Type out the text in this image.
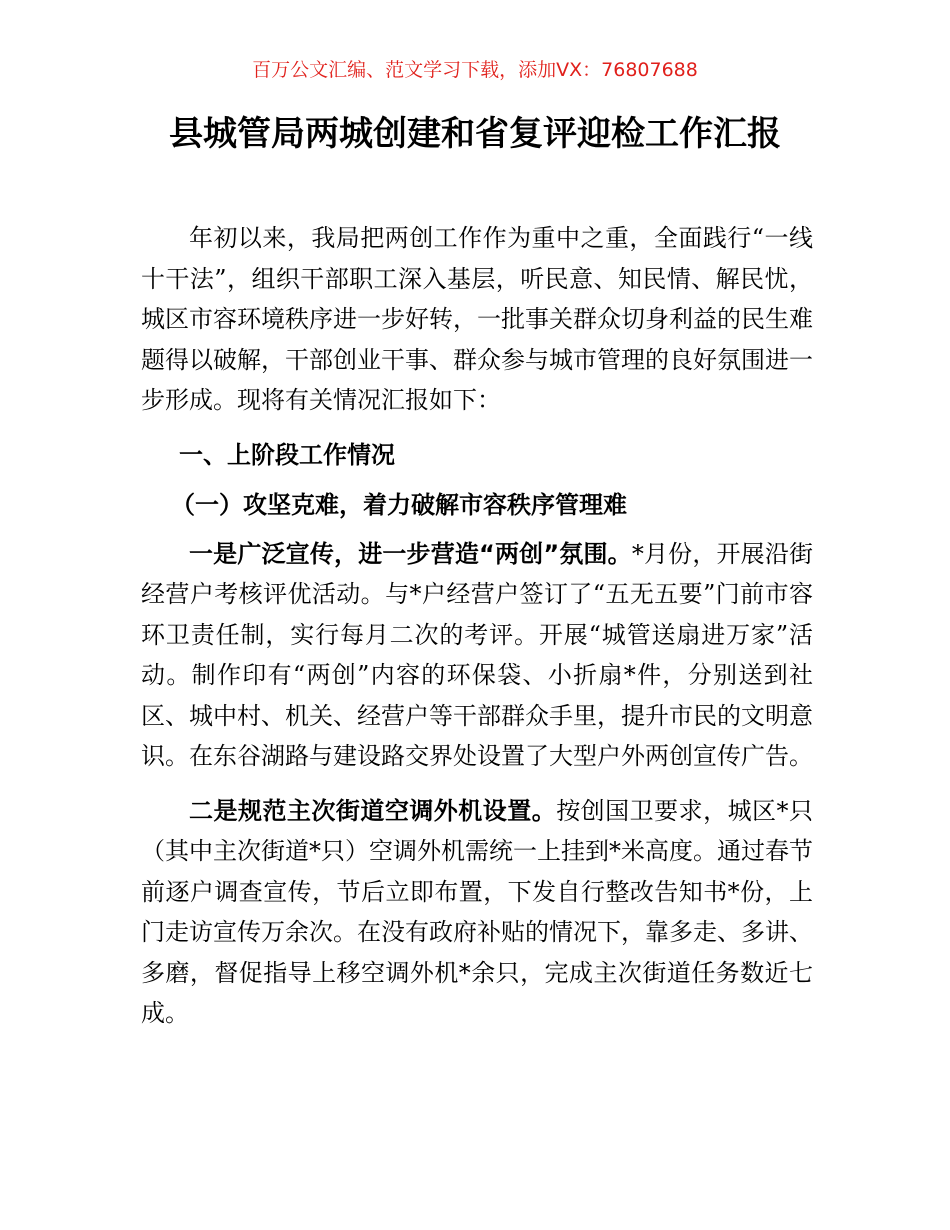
百万公文汇编、范文学习下载，添加VX：76807688
县城管局两城创建和省复评迎检工作汇报

年初以来，我局把两创工作作为重中之重，全面践行“一线十干法”，组织干部职工深入基层，听民意、知民情、解民忧，城区市容环境秩序进一步好转，一批事关群众切身利益的民生难题得以破解，干部创业干事、群众参与城市管理的良好氛围进一步形成。现将有关情况汇报如下：

一、上阶段工作情况

（一）攻坚克难，着力破解市容秩序管理难

一是广泛宣传，进一步营造“两创”氛围。*月份，开展沿街经营户考核评优活动。与*户经营户签订了“五无五要”门前市容环卫责任制，实行每月二次的考评。开展“城管送扇进万家”活动。制作印有“两创”内容的环保袋、小折扇*件，分别送到社区、城中村、机关、经营户等干部群众手里，提升市民的文明意识。在东谷湖路与建设路交界处设置了大型户外两创宣传广告。

二是规范主次街道空调外机设置。按创国卫要求，城区*只（其中主次街道*只）空调外机需统一上挂到*米高度。通过春节前逐户调查宣传，节后立即布置，下发自行整改告知书*份，上门走访宣传万余次。在没有政府补贴的情况下，靠多走、多讲、多磨，督促指导上移空调外机*余只，完成主次街道任务数近七成。
